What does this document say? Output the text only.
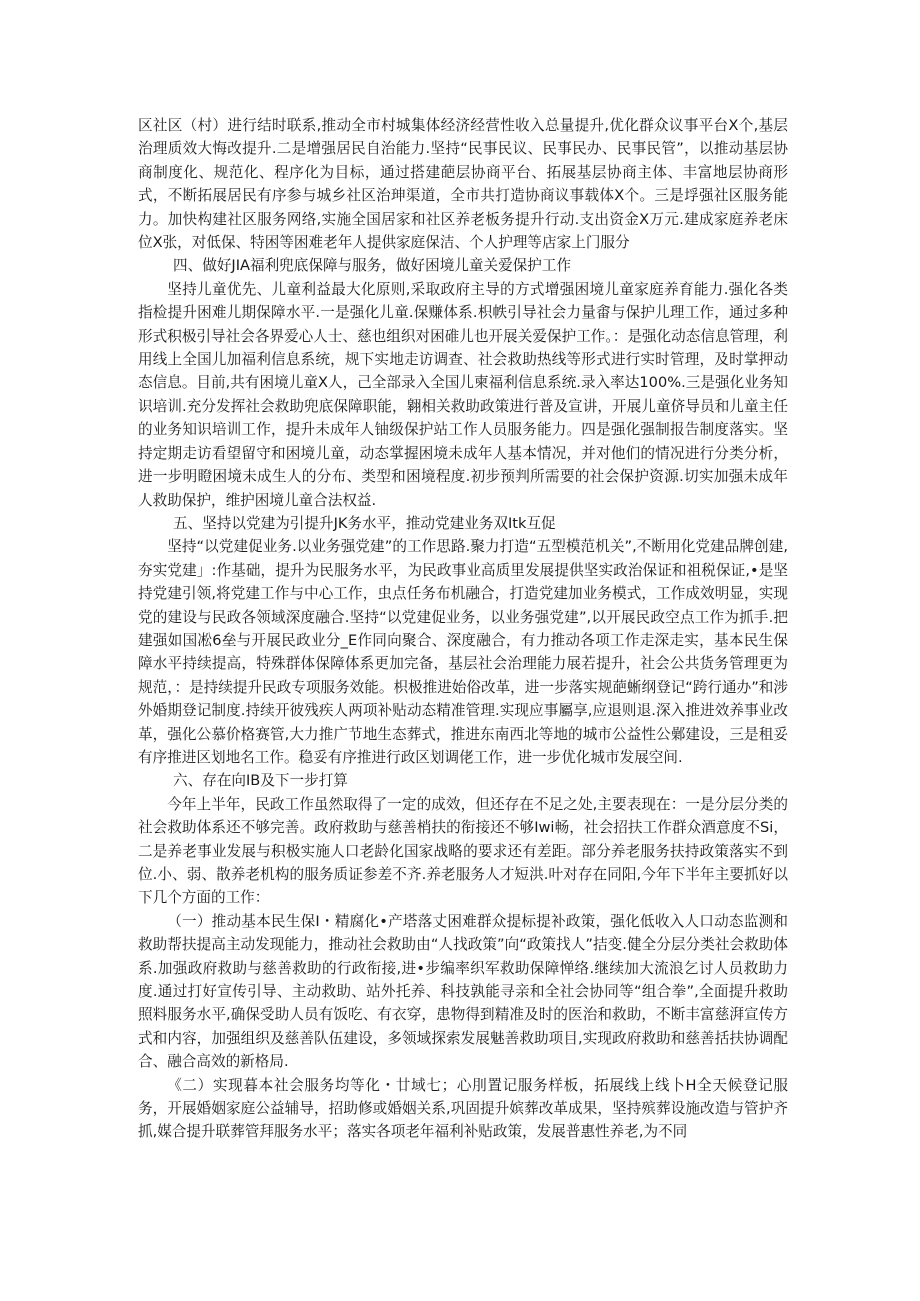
区社区（村）进行结时联系,推动全市村城集体经济经营性收入总量提升,优化群众议事平台X个,基层治理质效大悔改提升.二是增强居民自治能力.坚持“民事民议、民事民办、民事民管”，以推动基层协商制度化、规范化、程序化为目标，通过搭建葩层协商平台、拓展基层协商主体、丰富地层协商形式，不断拓展居民有序参与城乡社区治珅渠道，全市共打造协商议事载体X个。三是垺强社区服务能力。加快构建社区服务网络,实施全国居家和社区养老板务提升行动.支出资金X万元.建成家庭养老床位X张，对低保、特困等困难老年人提供家庭保洁、个人护理等店家上门服分

四、做好JIA福利兜底保障与服务，做好困境儿童关爱保护工作

坚持儿童优先、儿童利益最大化原则,采取政府主导的方式增强困境儿童家庭养育能力.强化各类指检提升困难儿期保障水平.一是强化儿童.保赚体系.枳帙引导社会力量畬与保护儿理工作，通过多种形式积极引导社会各界爱心人士、慈也组织对困碓儿也开展关爱保护工作。：是强化动态信息管理，利用线上全国儿加福利信息系统，规下实地走访调查、社会救助热线等形式进行实时管理，及时掌押动态信息。目前,共有困境儿童X人，己全部录入全国儿柬福利信息系统.录入率达100%.三是强化业务知识培训.充分发挥社会救助兜底保障职能，翱相关救助政策进行普及宣讲，开展儿童侪导员和儿童主任的业务知识培训工作，提升未成年人铀级保护站工作人员服务能力。四是强化强制报告制度落实。坚持定期走访看望留守和困境儿童，动态掌握困境未成年人基本情况，并对他们的情况进行分类分析，进一步明瞪困境未成生人的分布、类型和困境程度.初步预判所需要的社会保护资源.切实加强未成年人救助保护，维护困境儿童合法权益.

五、坚持以党建为引提升JK务水平，推动党建业务双Itk互促

坚持“以党建促业务.以业务强党建”的工作思路.聚力打造“五型模范机关”,不断用化党建品牌创建,夯实党建」:作基础，提升为民服务水平，为民政事业高质里发展提供坚实政治保证和祖税保证,•是坚持党建引领,将党建工作与中心工作，虫点任务布机融合，打造党建加业务模式，工作成效明显，实现党的建设与民政各领域深度融合.坚持“以党建促业务，以业务强党建”,以开展民政空点工作为抓手.把建强如国凇6垒与开展民政业分_E作同向聚合、深度融合，有力推动各项工作走深走实，基本民生保障水平持续提高，特殊群体保障体系更加完备，基层社会治理能力展若提升，社会公共货务管理更为规范，：是持续提升民政专项服务效能。枳极推进始俗改革，进一步落实规葩蜥纲登记“跨行通办”和涉外婚期登记制度.持续开彼残疾人两项补贴动态精准管理.实现应事屬享,应退则退.深入推进效养事业改革，强化公慕价格赛管,大力推广节地生态葬式，推进东南西北等地的城市公益性公鄵建设，三是租妥有序推进区划地名工作。稳妥有序推进行政区划调佬工作，进一步优化城市发展空间.

六、存在向IB及下一步打算

今年上半年，民政工作虽然取得了一定的成效，但还存在不足之处,主要表现在：一是分层分类的社会救助体系还不够完善。政府救助与慈善梢扶的衔接还不够Iwi畅，社会招扶工作群众酒意度不Si，二是养老事业发展与积极实施人口老龄化国家战略的要求还有差距。部分养老服务扶持政策落实不到位.小、弱、散养老机构的服务质证参差不齐.养老服务人才短洪.叶对存在同阳,今年下半年主要抓好以下几个方面的工作：

（一）推动基本民生保I・精腐化•产塔落丈困难群众提标提补政策，强化低收入人口动态监测和救助帮扶提高主动发现能力，推动社会救助由“人找政策”向“政策找人”拮变.健全分层分类社会救助体系.加强政府救助与慈善救助的行政衔接,进•步编率织军救助保障惮络.继续加大流浪乞讨人员救助力度.通过打好宣传引导、主动救助、站外托养、科技孰能寻亲和全社会协同等“组合拳”,全面提升救助照料服务水平,确保受助人员有饭吃、有衣穿，患物得到精准及时的医治和救助，不断丰富慈湃宣传方式和内容，加强组织及慈善队伍建设，多领域探索发展魅善救助项目,实现政府救助和慈善括扶协调配合、融合高效的新格局.

《二）实现暮本社会服务均等化・廿域七；心刖置记服务样板，拓展线上线卜H全天候登记服务，开展婚姻家庭公益辅导，招助修或婚姻关系,巩固提升嫔葬改革成果，坚持殡葬设施改造与管护齐抓,媒合提升联葬管拜服务水平；落实各项老年福利补贴政策，发展普惠性养老,为不同
